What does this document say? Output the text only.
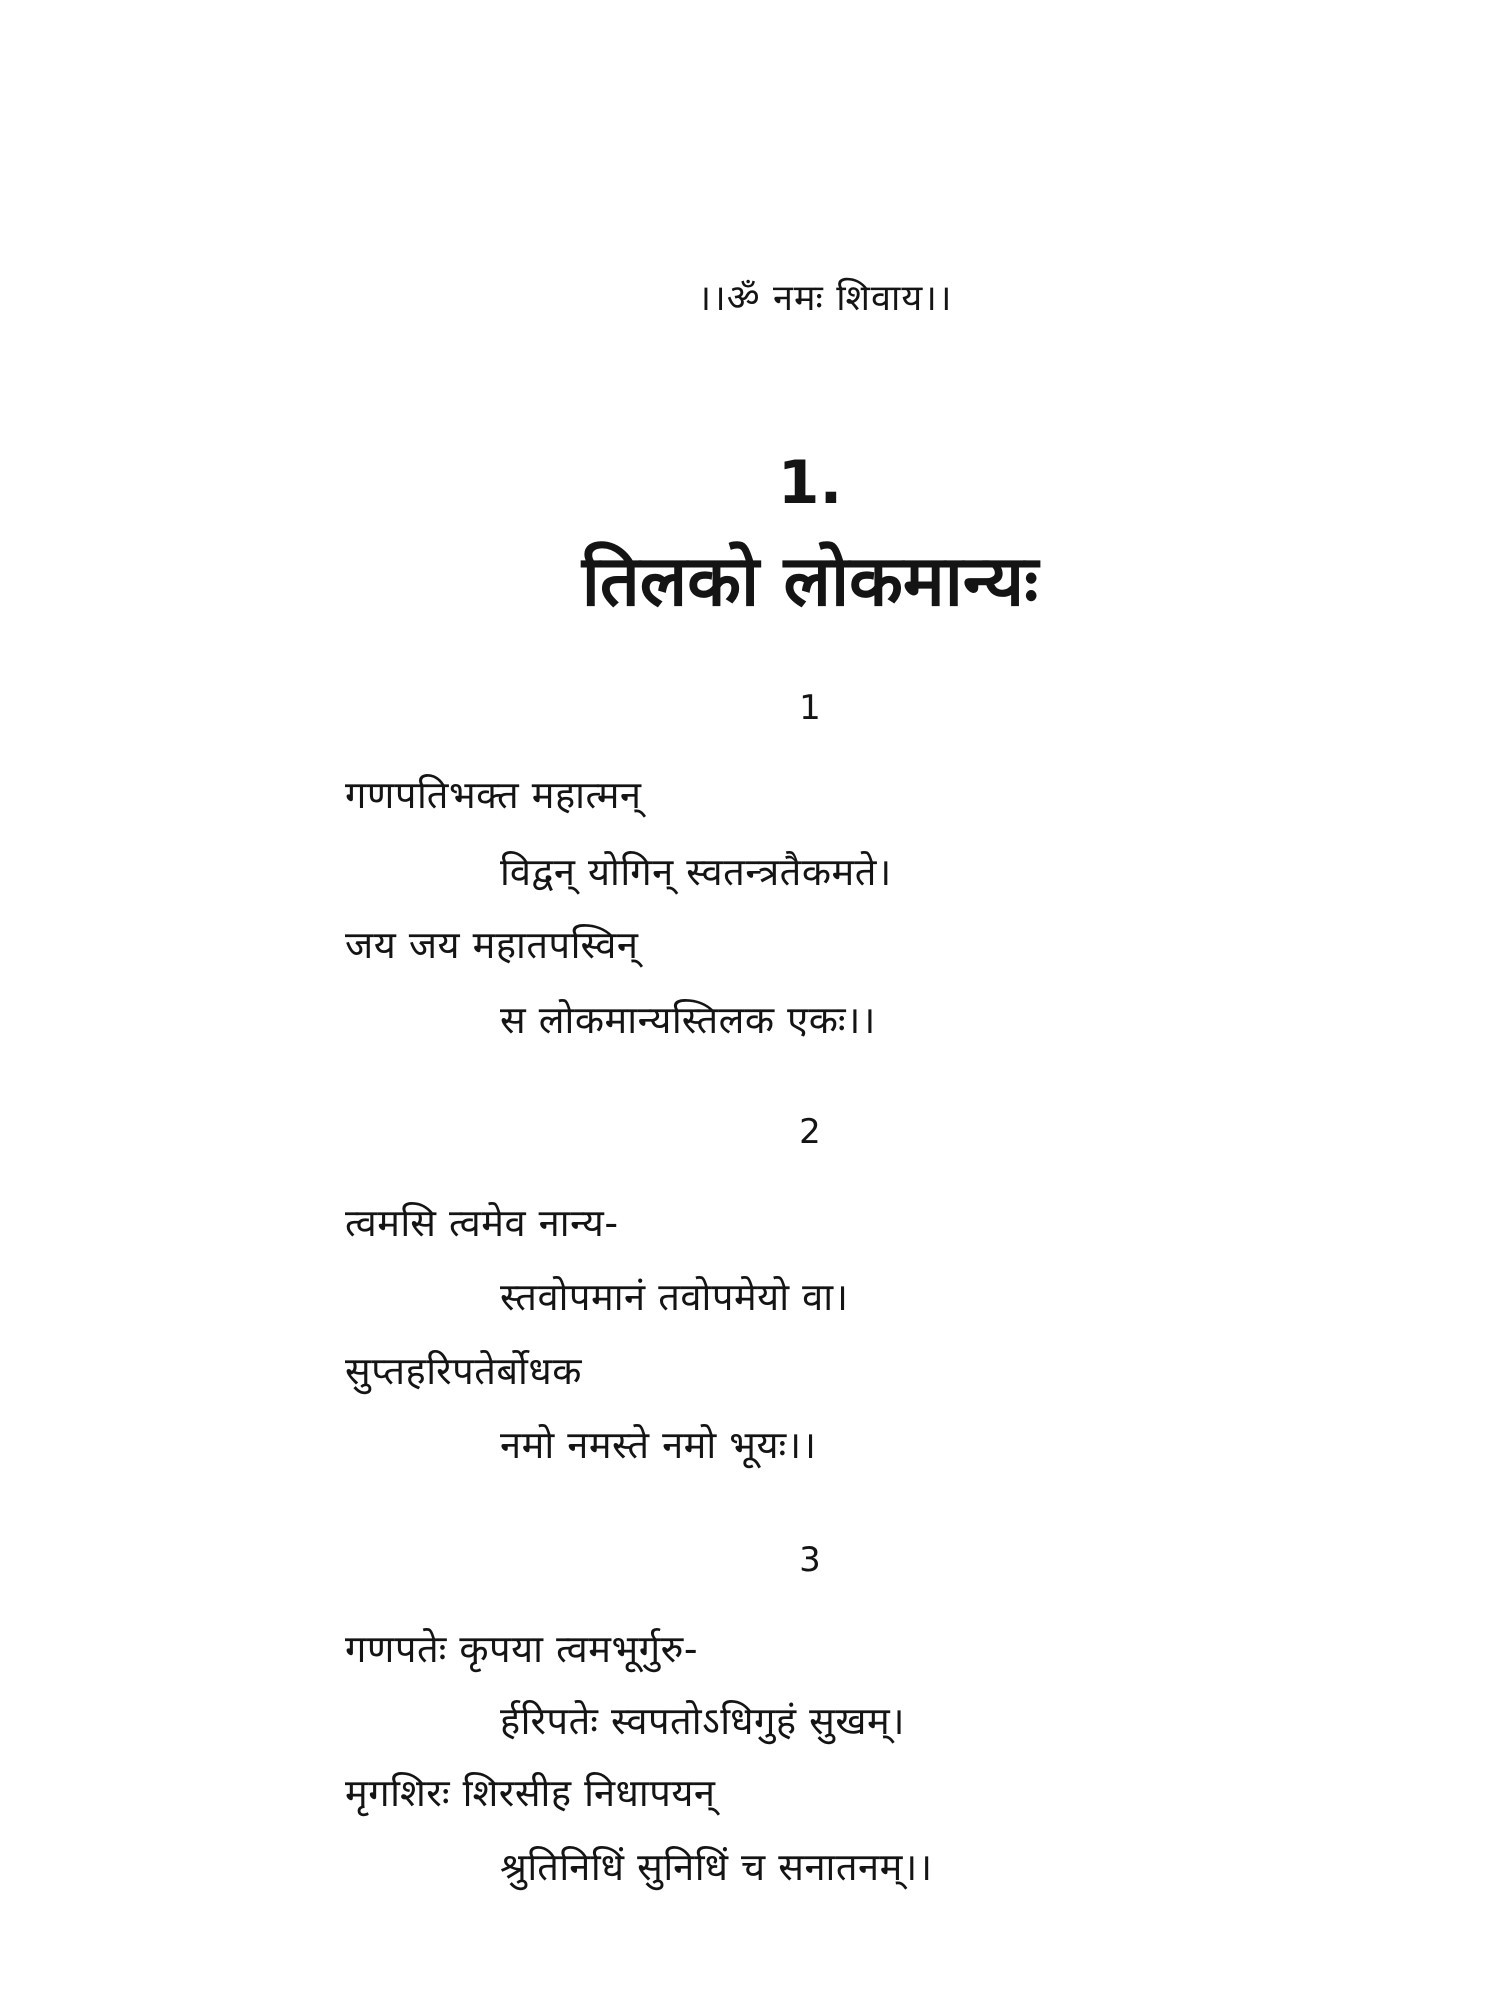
।।ॐ नमः शिवाय।।
1.
तिलको लोकमान्यः
1
गणपतिभक्त महात्मन्
विद्वन् योगिन् स्वतन्त्रतैकमते।
जय जय महातपस्विन्
स लोकमान्यस्तिलक एकः।।
2
त्वमसि त्वमेव नान्य-
स्तवोपमानं तवोपमेयो वा।
सुप्तहरिपतेर्बोधक
नमो नमस्ते नमो भूयः।।
3
गणपतेः कृपया त्वमभूर्गुरु-
र्हरिपतेः स्वपतोऽधिगुहं सुखम्।
मृगशिरः शिरसीह निधापयन्
श्रुतिनिधिं सुनिधिं च सनातनम्।।
